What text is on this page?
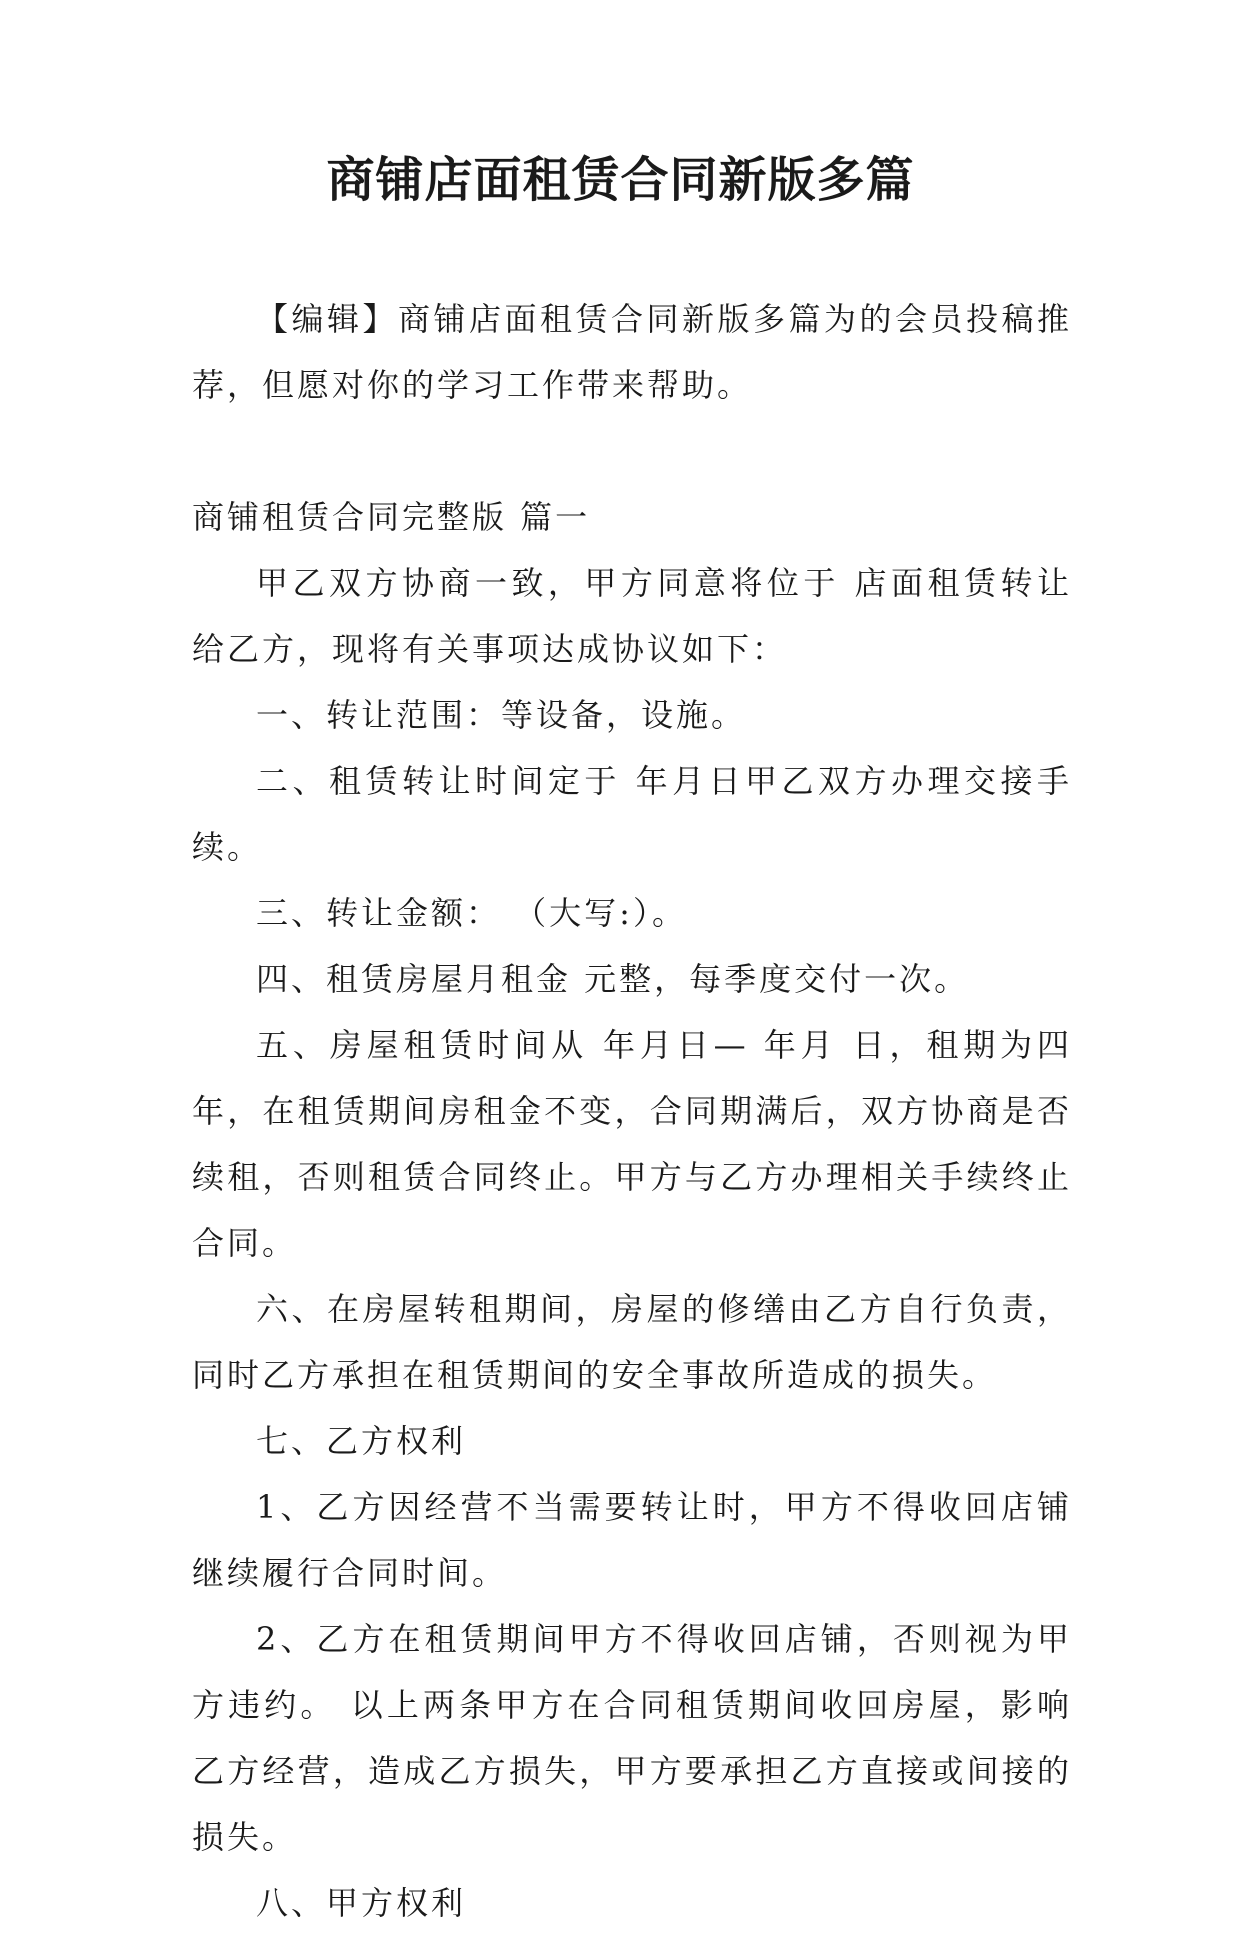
商铺店面租赁合同新版多篇

【编辑】商铺店面租赁合同新版多篇为的会员投稿推荐，但愿对你的学习工作带来帮助。

商铺租赁合同完整版 篇一

甲乙双方协商一致，甲方同意将位于 店面租赁转让给乙方，现将有关事项达成协议如下：

一、转让范围：等设备，设施。

二、租赁转让时间定于 年月日甲乙双方办理交接手续。

三、转让金额： （大写:）。

四、租赁房屋月租金 元整，每季度交付一次。

五、房屋租赁时间从 年月日— 年月 日，租期为四年，在租赁期间房租金不变，合同期满后，双方协商是否续租，否则租赁合同终止。甲方与乙方办理相关手续终止合同。

六、在房屋转租期间，房屋的修缮由乙方自行负责，同时乙方承担在租赁期间的安全事故所造成的损失。

七、乙方权利

1、乙方因经营不当需要转让时，甲方不得收回店铺继续履行合同时间。

2、乙方在租赁期间甲方不得收回店铺，否则视为甲方违约。 以上两条甲方在合同租赁期间收回房屋，影响乙方经营，造成乙方损失，甲方要承担乙方直接或间接的损失。

八、甲方权利
